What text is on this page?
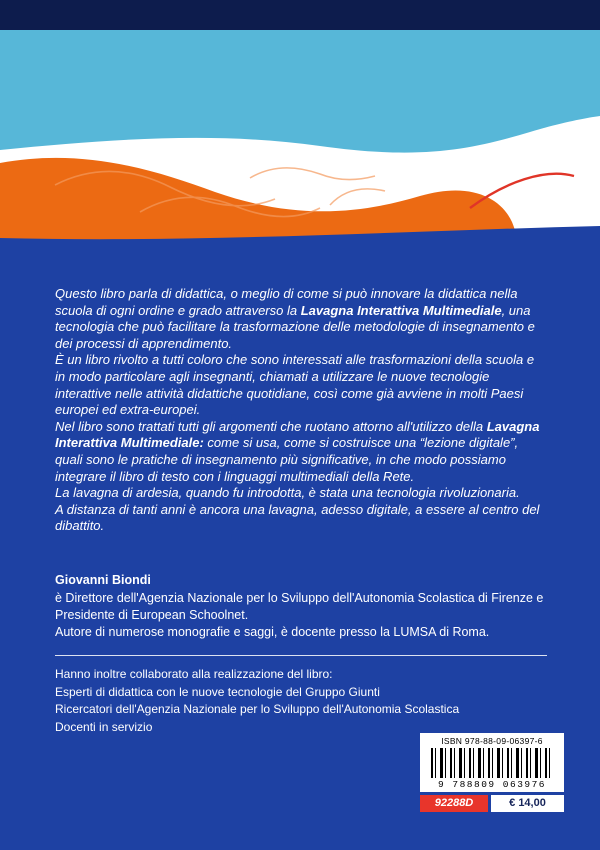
Questo libro parla di didattica, o meglio di come si può innovare la didattica nella scuola di ogni ordine e grado attraverso la Lavagna Interattiva Multimediale, una tecnologia che può facilitare la trasformazione delle metodologie di insegnamento e dei processi di apprendimento.

È un libro rivolto a tutti coloro che sono interessati alle trasformazioni della scuola e in modo particolare agli insegnanti, chiamati a utilizzare le nuove tecnologie interattive nelle attività didattiche quotidiane, così come già avviene in molti Paesi europei ed extra-europei.

Nel libro sono trattati tutti gli argomenti che ruotano attorno all'utilizzo della Lavagna Interattiva Multimediale: come si usa, come si costruisce una “lezione digitale”, quali sono le pratiche di insegnamento più significative, in che modo possiamo integrare il libro di testo con i linguaggi multimediali della Rete.

La lavagna di ardesia, quando fu introdotta, è stata una tecnologia rivoluzionaria.

A distanza di tanti anni è ancora una lavagna, adesso digitale, a essere al centro del dibattito.

Giovanni Biondi

è Direttore dell'Agenzia Nazionale per lo Sviluppo dell'Autonomia Scolastica di Firenze e Presidente di European Schoolnet.

Autore di numerose monografie e saggi, è docente presso la LUMSA di Roma.

Hanno inoltre collaborato alla realizzazione del libro:

Esperti di didattica con le nuove tecnologie del Gruppo Giunti

Ricercatori dell'Agenzia Nazionale per lo Sviluppo dell'Autonomia Scolastica

Docenti in servizio

ISBN 978-88-09-06397-6
9 788809 063976
92288D	€ 14,00
